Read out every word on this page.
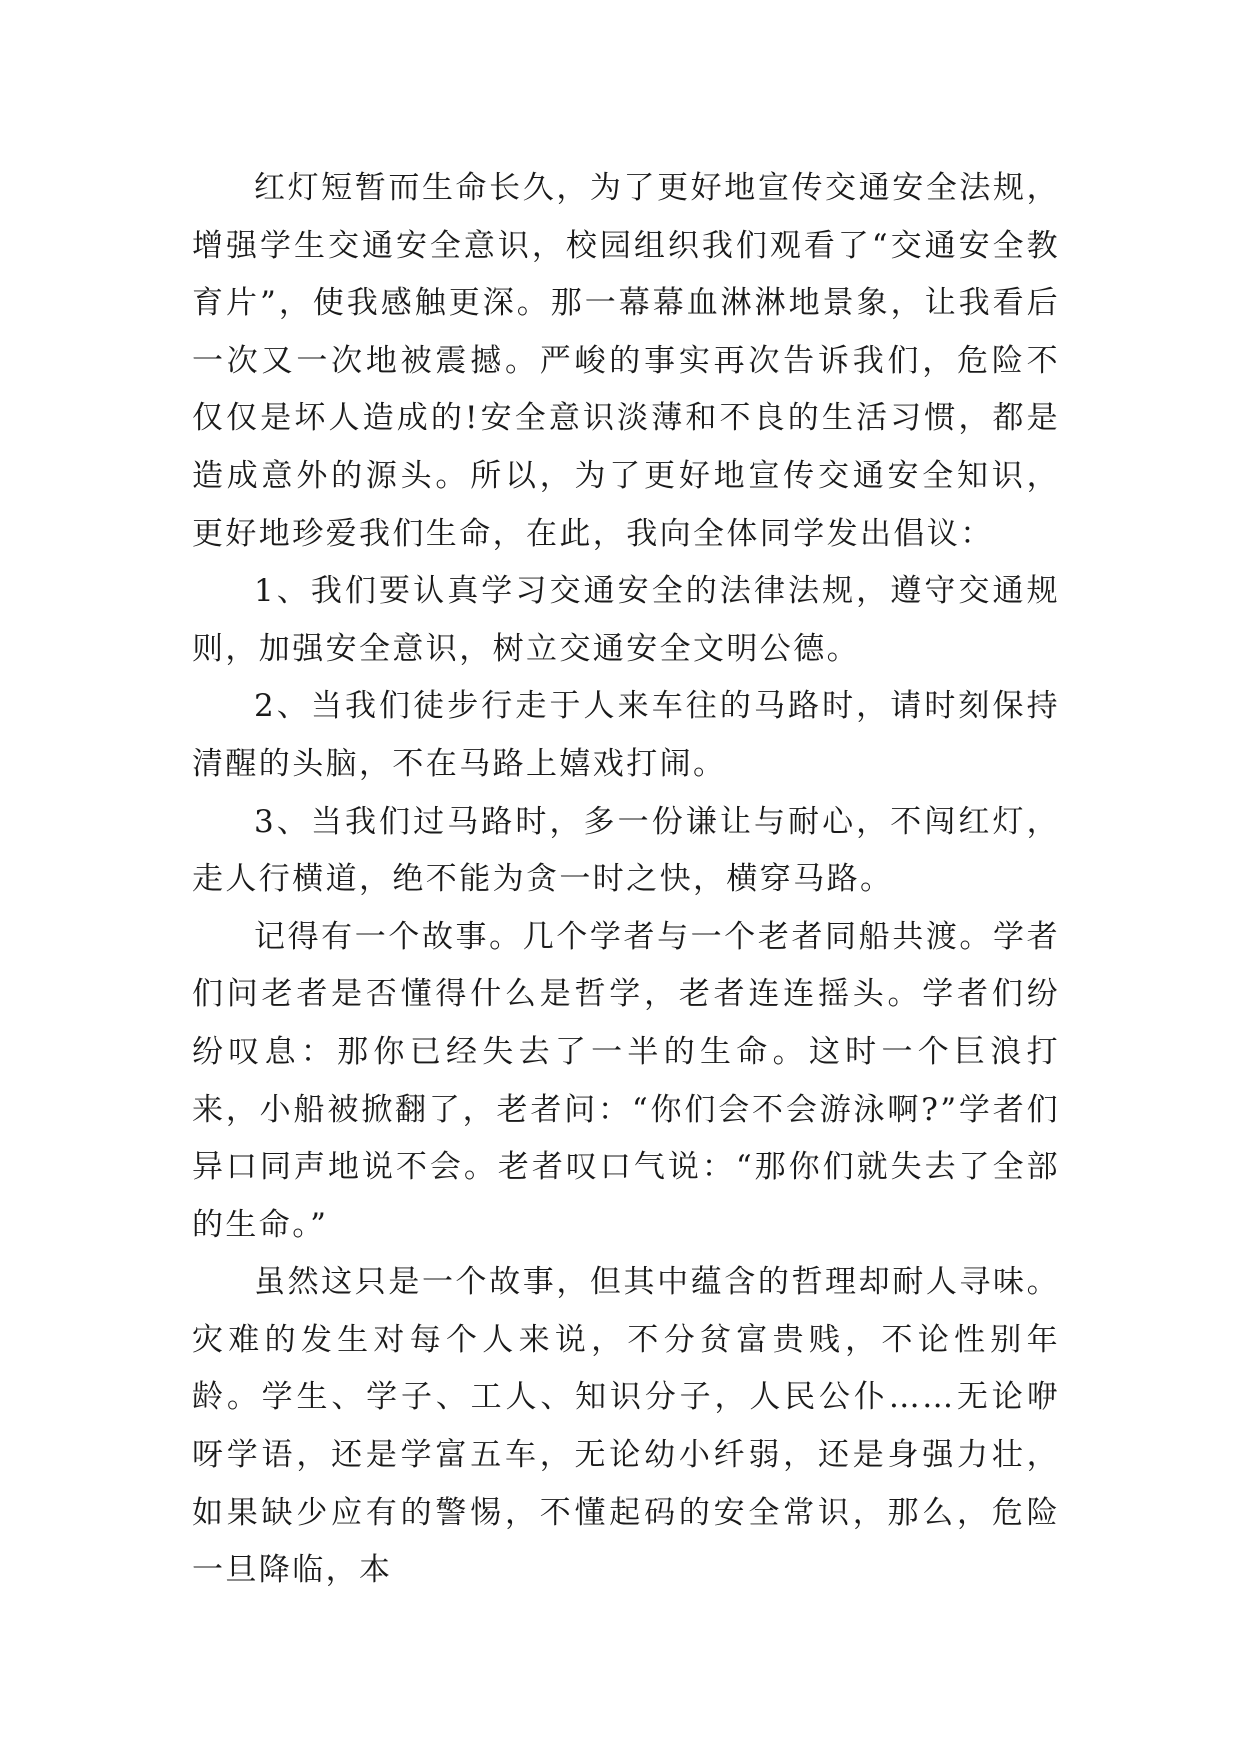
红灯短暂而生命长久，为了更好地宣传交通安全法规，增强学生交通安全意识，校园组织我们观看了“交通安全教育片”，使我感触更深。那一幕幕血淋淋地景象，让我看后一次又一次地被震撼。严峻的事实再次告诉我们，危险不仅仅是坏人造成的!安全意识淡薄和不良的生活习惯，都是造成意外的源头。所以，为了更好地宣传交通安全知识，更好地珍爱我们生命，在此，我向全体同学发出倡议：

1、我们要认真学习交通安全的法律法规，遵守交通规则，加强安全意识，树立交通安全文明公德。

2、当我们徒步行走于人来车往的马路时，请时刻保持清醒的头脑，不在马路上嬉戏打闹。

3、当我们过马路时，多一份谦让与耐心，不闯红灯，走人行横道，绝不能为贪一时之快，横穿马路。

记得有一个故事。几个学者与一个老者同船共渡。学者们问老者是否懂得什么是哲学，老者连连摇头。学者们纷纷叹息：那你已经失去了一半的生命。这时一个巨浪打来，小船被掀翻了，老者问：“你们会不会游泳啊?”学者们异口同声地说不会。老者叹口气说：“那你们就失去了全部的生命。”

虽然这只是一个故事，但其中蕴含的哲理却耐人寻味。灾难的发生对每个人来说，不分贫富贵贱，不论性别年龄。学生、学子、工人、知识分子，人民公仆……无论咿呀学语，还是学富五车，无论幼小纤弱，还是身强力壮，如果缺少应有的警惕，不懂起码的安全常识，那么，危险一旦降临，本
